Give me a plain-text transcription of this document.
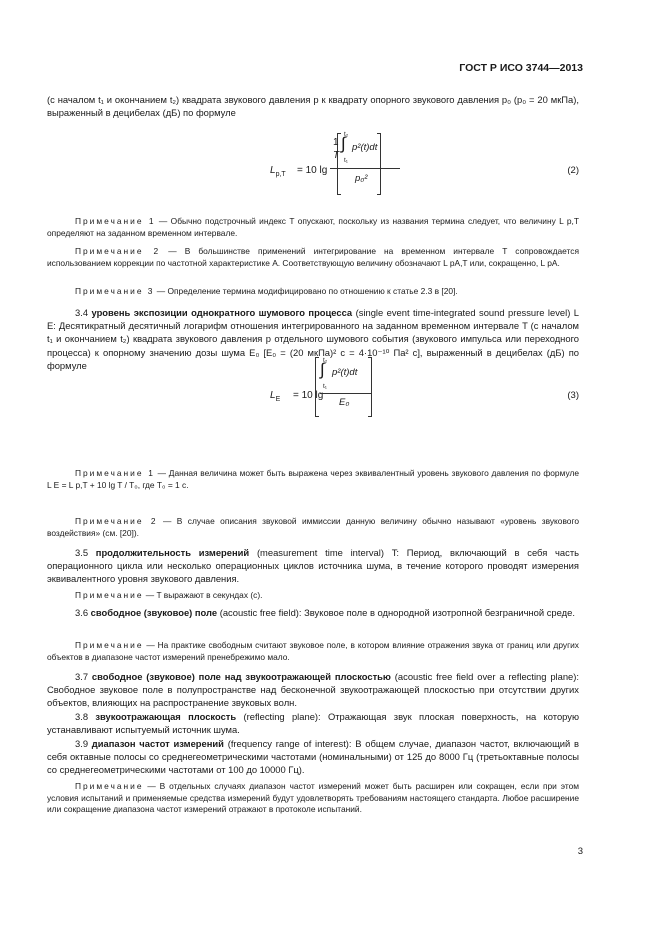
ГОСТ Р ИСО 3744—2013
(с началом t₁ и окончанием t₂) квадрата звукового давления p к квадрату опорного звукового давления p₀ (p₀ = 20 мкПа), выраженный в децибелах (дБ) по формуле
$L_{p,T} = 10$ lg
1
T
t₂
∫
t₁
p²(t)dt
p₀²
(2)
Примечание 1 — Обычно подстрочный индекс T опускают, поскольку из названия термина следует, что величину L p,T определяют на заданном временном интервале.
Примечание 2 — В большинстве применений интегрирование на временном интервале T сопровождается использованием коррекции по частотной характеристике А. Соответствующую величину обозначают L pA,T или, сокращенно, L pA.
Примечание 3 — Определение термина модифицировано по отношению к статье 2.3 в [20].
3.4 уровень экспозиции однократного шумового процесса (single event time-integrated sound pressure level) L E: Десятикратный десятичный логарифм отношения интегрированного на заданном временном интервале T (с началом t₁ и окончанием t₂) квадрата звукового давления p отдельного шумового события (звукового импульса или переходного процесса) к опорному значению дозы шума E₀ [E₀ = (20 мкПа)² с = 4·10⁻¹⁰ Па² с], выраженный в децибелах (дБ) по формуле
$L_E = 10$ lg
t₂
∫
t₁
p²(t)dt
E₀
(3)
Примечание 1 — Данная величина может быть выражена через эквивалентный уровень звукового давления по формуле L E = L p,T + 10 lg T / T₀, где T₀ = 1 с.
Примечание 2 — В случае описания звуковой иммиссии данную величину обычно называют «уровень звукового воздействия» (см. [20]).
3.5 продолжительность измерений (measurement time interval) T: Период, включающий в себя часть операционного цикла или несколько операционных циклов источника шума, в течение которого проводят измерения эквивалентного уровня звукового давления.
Примечание — T выражают в секундах (с).
3.6 свободное (звуковое) поле (acoustic free field): Звуковое поле в однородной изотропной безграничной среде.
Примечание — На практике свободным считают звуковое поле, в котором влияние отражения звука от границ или других объектов в диапазоне частот измерений пренебрежимо мало.
3.7 свободное (звуковое) поле над звукоотражающей плоскостью (acoustic free field over a reflecting plane): Свободное звуковое поле в полупространстве над бесконечной звукоотражающей плоскостью при отсутствии других объектов, влияющих на распространение звуковых волн.
3.8 звукоотражающая плоскость (reflecting plane): Отражающая звук плоская поверхность, на которую устанавливают испытуемый источник шума.
3.9 диапазон частот измерений (frequency range of interest): В общем случае, диапазон частот, включающий в себя октавные полосы со среднегеометрическими частотами (номинальными) от 125 до 8000 Гц (третьоктавные полосы со среднегеометрическими частотами от 100 до 10000 Гц).
Примечание — В отдельных случаях диапазон частот измерений может быть расширен или сокращен, если при этом условия испытаний и применяемые средства измерений будут удовлетворять требованиям настоящего стандарта. Любое расширение или сокращение диапазона частот измерений отражают в протоколе испытаний.
3
